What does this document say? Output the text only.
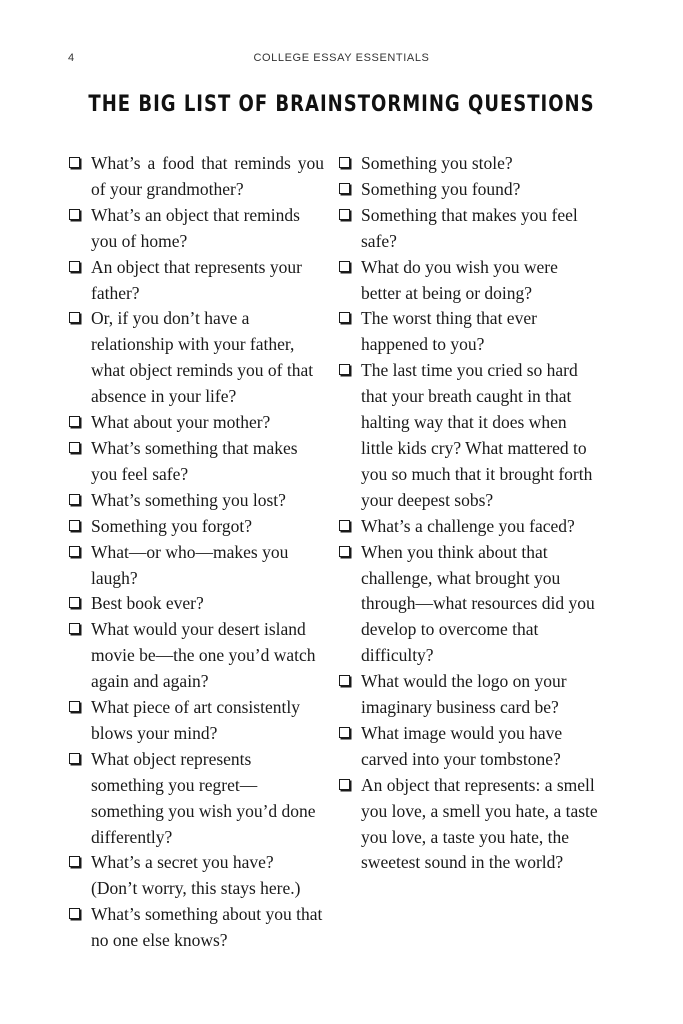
4	COLLEGE ESSAY ESSENTIALS
THE BIG LIST OF BRAINSTORMING QUESTIONS
What’s a food that reminds you of your grandmother?
What’s an object that reminds you of home?
An object that represents your father?
Or, if you don’t have a relationship with your father, what object reminds you of that absence in your life?
What about your mother?
What’s something that makes you feel safe?
What’s something you lost?
Something you forgot?
What—or who—makes you laugh?
Best book ever?
What would your desert island movie be—the one you’d watch again and again?
What piece of art consistently blows your mind?
What object represents something you regret—something you wish you’d done differently?
What’s a secret you have? (Don’t worry, this stays here.)
What’s something about you that no one else knows?
Something you stole?
Something you found?
Something that makes you feel safe?
What do you wish you were better at being or doing?
The worst thing that ever happened to you?
The last time you cried so hard that your breath caught in that halting way that it does when little kids cry? What mattered to you so much that it brought forth your deepest sobs?
What’s a challenge you faced?
When you think about that challenge, what brought you through—what resources did you develop to overcome that difficulty?
What would the logo on your imaginary business card be?
What image would you have carved into your tombstone?
An object that represents: a smell you love, a smell you hate, a taste you love, a taste you hate, the sweetest sound in the world?
